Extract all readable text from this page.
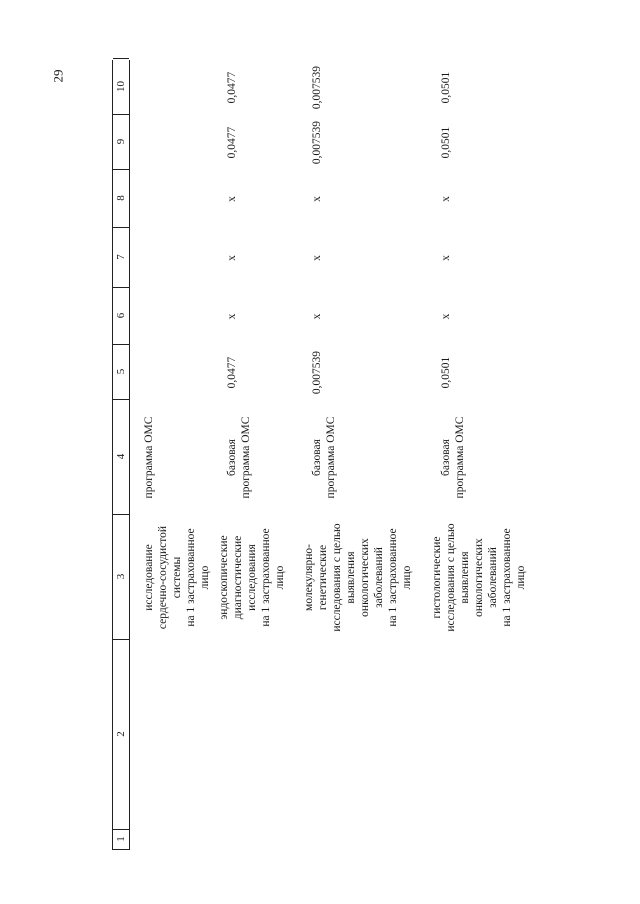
29
1
2
3
4
5
6
7
8
9
10
исследование сердечно-сосудистой системы на 1 застрахованное лицо
программа ОМС
эндоскопические диагностические исследования на 1 застрахованное лицо
базовая программа ОМС
0,0477
x
x
x
0,0477
0,0477
молекулярно- генетические исследования с целью выявления онкологических заболеваний на 1 застрахованное лицо
базовая программа ОМС
0,007539
x
x
x
0,007539
0,007539
гистологические исследования с целью выявления онкологических заболеваний на 1 застрахованное лицо
базовая программа ОМС
0,0501
x
x
x
0,0501
0,0501
